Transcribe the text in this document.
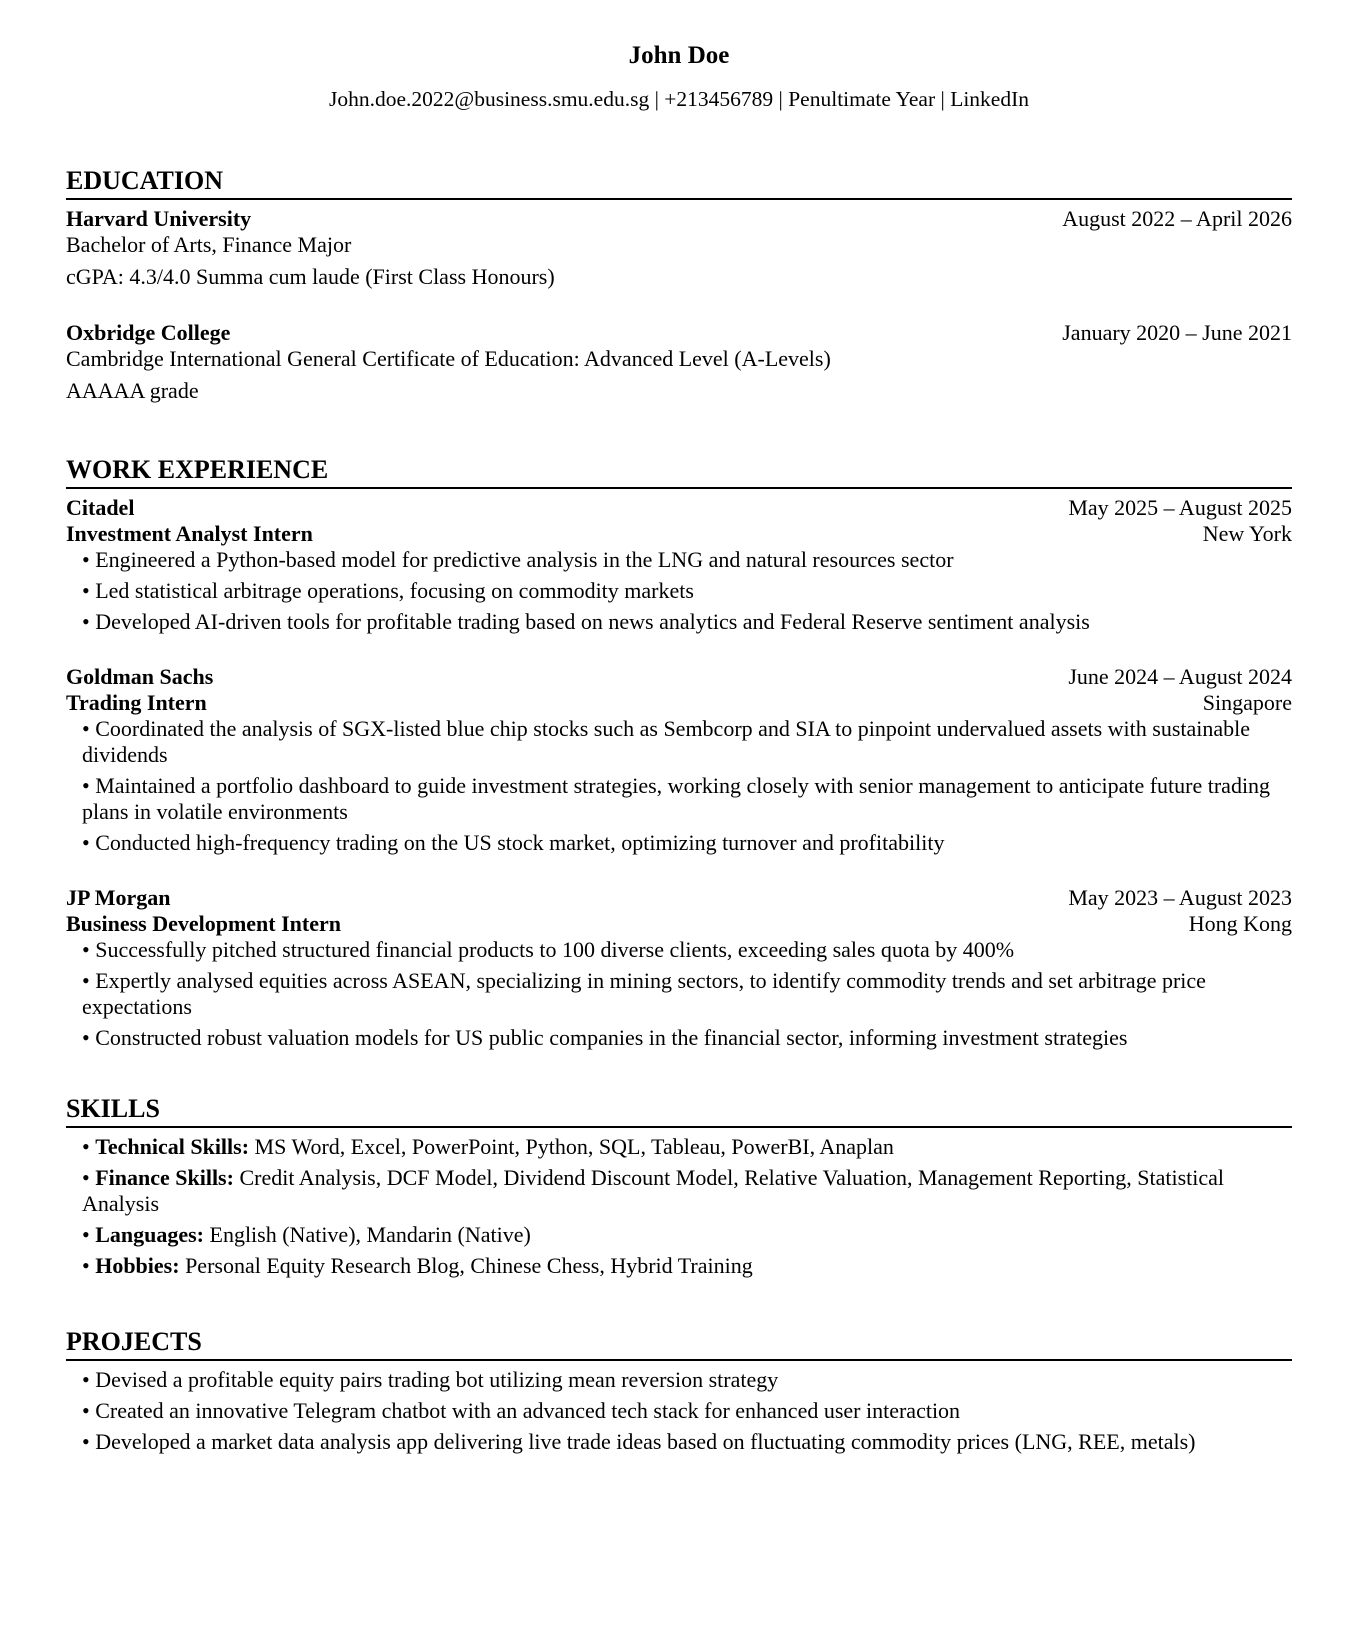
John Doe
John.doe.2022@business.smu.edu.sg | +213456789 | Penultimate Year | LinkedIn
EDUCATION
Harvard University	August 2022 – April 2026
Bachelor of Arts, Finance Major
cGPA: 4.3/4.0 Summa cum laude (First Class Honours)
Oxbridge College	January 2020 – June 2021
Cambridge International General Certificate of Education: Advanced Level (A-Levels)
AAAAA grade
WORK EXPERIENCE
Citadel	May 2025 – August 2025
Investment Analyst Intern	New York
• Engineered a Python-based model for predictive analysis in the LNG and natural resources sector
• Led statistical arbitrage operations, focusing on commodity markets
• Developed AI-driven tools for profitable trading based on news analytics and Federal Reserve sentiment analysis
Goldman Sachs	June 2024 – August 2024
Trading Intern	Singapore
• Coordinated the analysis of SGX-listed blue chip stocks such as Sembcorp and SIA to pinpoint undervalued assets with sustainable dividends
• Maintained a portfolio dashboard to guide investment strategies, working closely with senior management to anticipate future trading plans in volatile environments
• Conducted high-frequency trading on the US stock market, optimizing turnover and profitability
JP Morgan	May 2023 – August 2023
Business Development Intern	Hong Kong
• Successfully pitched structured financial products to 100 diverse clients, exceeding sales quota by 400%
• Expertly analysed equities across ASEAN, specializing in mining sectors, to identify commodity trends and set arbitrage price expectations
• Constructed robust valuation models for US public companies in the financial sector, informing investment strategies
SKILLS
• Technical Skills: MS Word, Excel, PowerPoint, Python, SQL, Tableau, PowerBI, Anaplan
• Finance Skills: Credit Analysis, DCF Model, Dividend Discount Model, Relative Valuation, Management Reporting, Statistical Analysis
• Languages: English (Native), Mandarin (Native)
• Hobbies: Personal Equity Research Blog, Chinese Chess, Hybrid Training
PROJECTS
• Devised a profitable equity pairs trading bot utilizing mean reversion strategy
• Created an innovative Telegram chatbot with an advanced tech stack for enhanced user interaction
• Developed a market data analysis app delivering live trade ideas based on fluctuating commodity prices (LNG, REE, metals)
